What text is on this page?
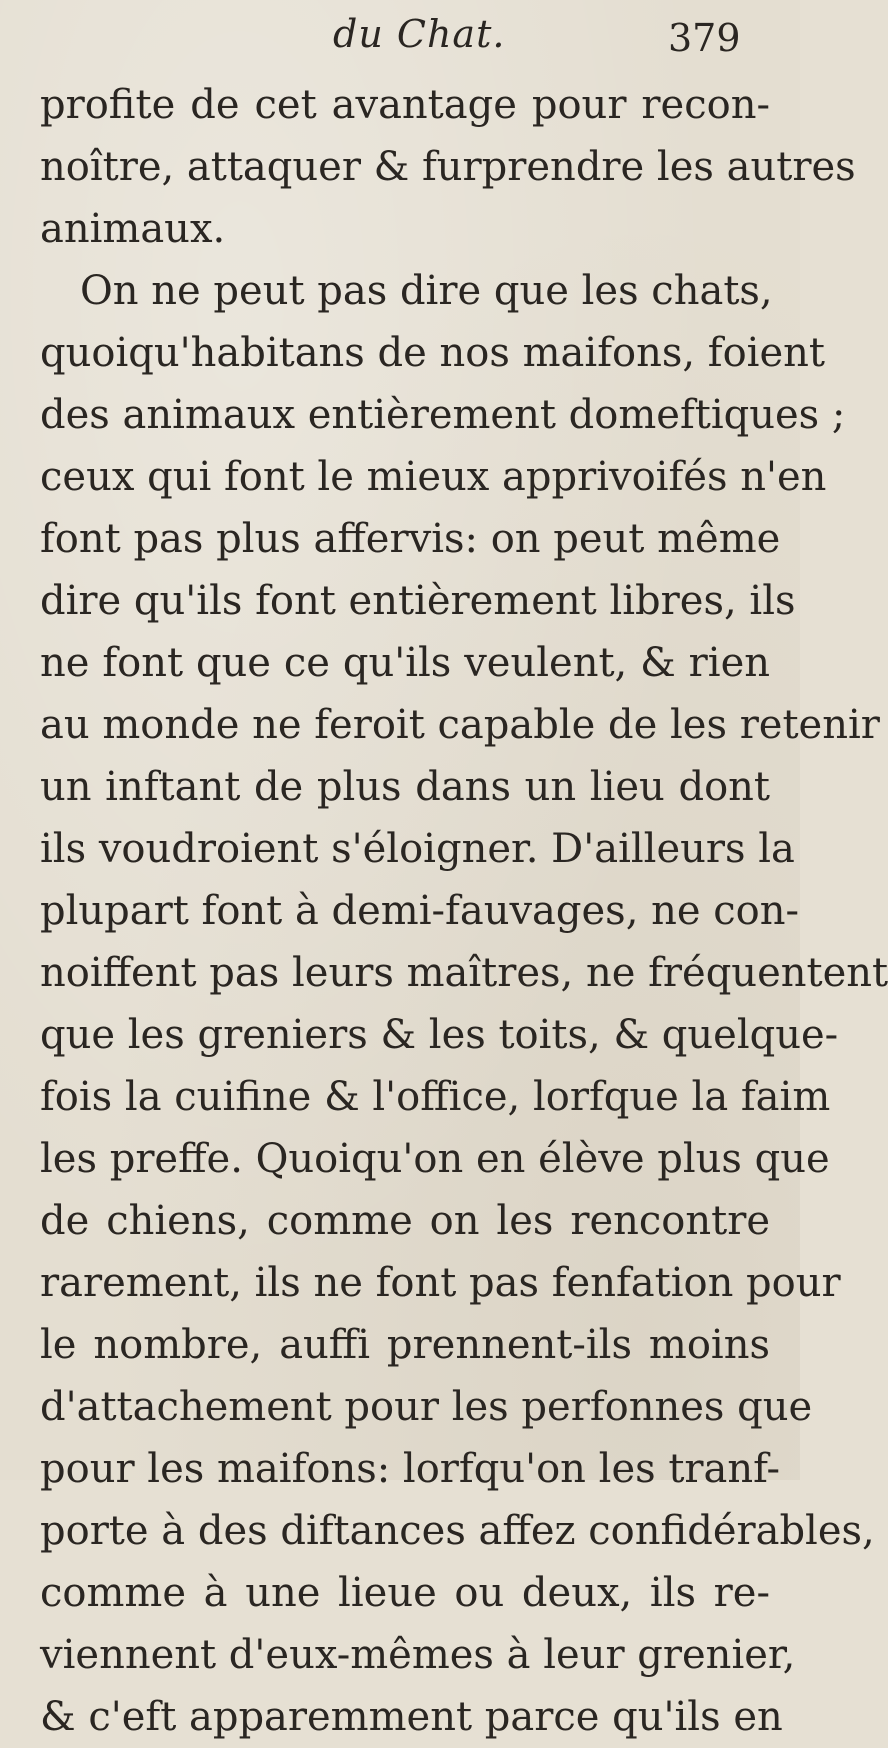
du Chat.	379
profite de cet avantage pour recon-
noître, attaquer & furprendre les autres
animaux.
On ne peut pas dire que les chats,
quoiqu'habitans de nos maifons, foient
des animaux entièrement domeftiques ;
ceux qui font le mieux apprivoifés n'en
font pas plus affervis: on peut même
dire qu'ils font entièrement libres, ils
ne font que ce qu'ils veulent, & rien
au monde ne feroit capable de les retenir
un inftant de plus dans un lieu dont
ils voudroient s'éloigner. D'ailleurs la
plupart font à demi-fauvages, ne con-
noiffent pas leurs maîtres, ne fréquentent
que les greniers & les toits, & quelque-
fois la cuifine & l'office, lorfque la faim
les preffe. Quoiqu'on en élève plus que
de chiens, comme on les rencontre
rarement, ils ne font pas fenfation pour
le nombre, auffi prennent-ils moins
d'attachement pour les perfonnes que
pour les maifons: lorfqu'on les tranf-
porte à des diftances affez confidérables,
comme à une lieue ou deux, ils re-
viennent d'eux-mêmes à leur grenier,
& c'eft apparemment parce qu'ils en
